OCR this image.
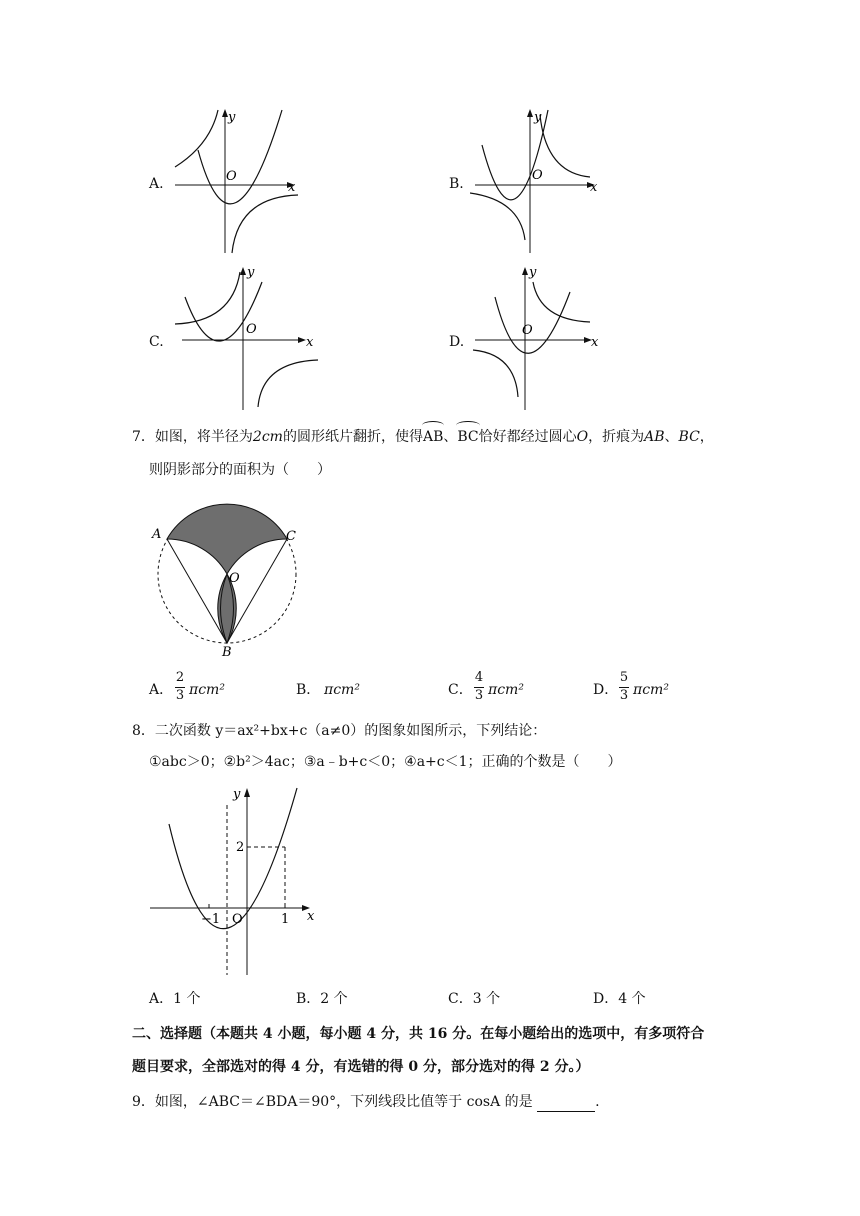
A.
y
x
O	B.
y
x
O
C.
y
x
O
D.
y
x
O
7．如图，将半径为2cm的圆形纸片翻折，使得AB、BC恰好都经过圆心O，折痕为AB、BC，
则阴影部分的面积为（　　）
A	C
O
B
A．
2
3 πcm²	B． πcm²	C．
4
3 πcm²	D．
5
3 πcm²
8．二次函数 y＝ax²+bx+c（a≠0）的图象如图所示，下列结论：
①abc＞0；②b²＞4ac；③a﹣b+c＜0；④a+c＜1；正确的个数是（　　）
y
x
2
−1 O	1
A．1 个	B．2 个	C．3 个	D．4 个
二、选择题（本题共 4 小题，每小题 4 分，共 16 分。在每小题给出的选项中，有多项符合
题目要求，全部选对的得 4 分，有选错的得 0 分，部分选对的得 2 分。）
9．如图，∠ABC＝∠BDA＝90°，下列线段比值等于 cosA 的是	.
